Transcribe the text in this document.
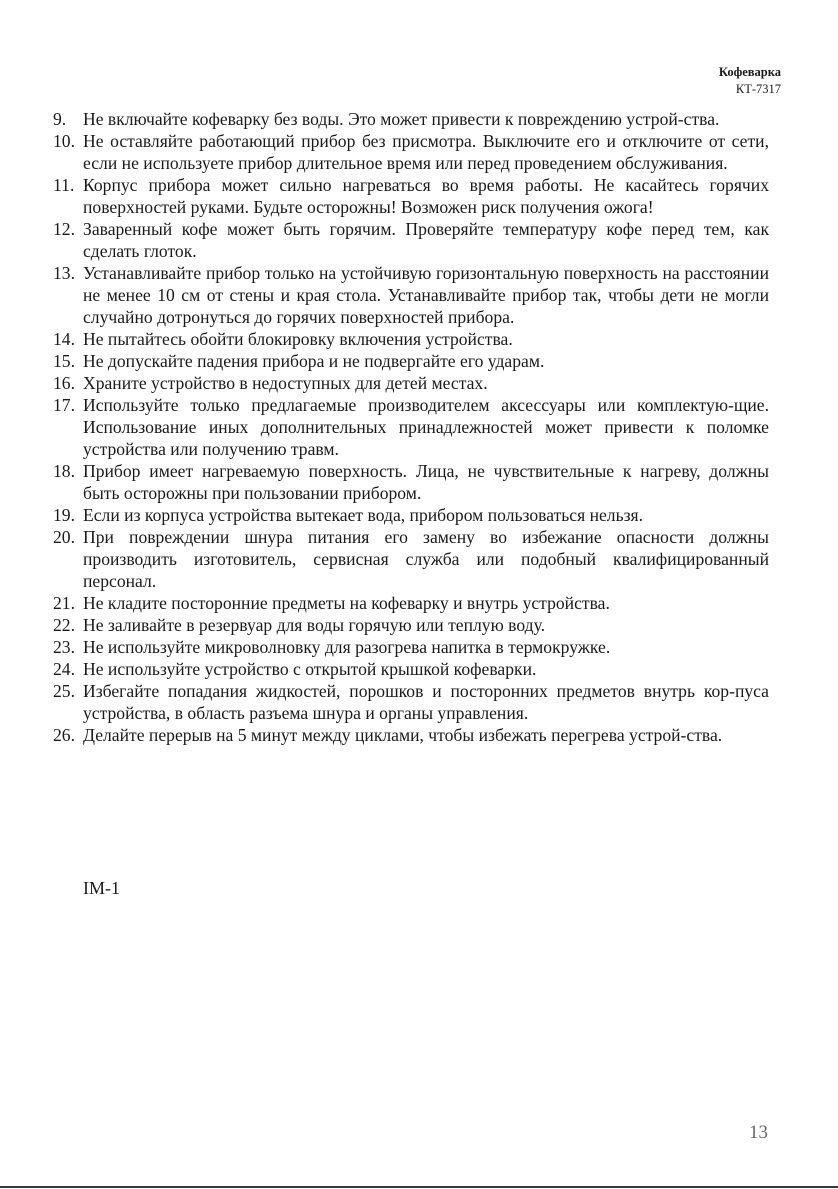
Кофеварка
КТ-7317
9. Не включайте кофеварку без воды. Это может привести к повреждению устрой-ства.
10. Не оставляйте работающий прибор без присмотра. Выключите его и отключите от сети, если не используете прибор длительное время или перед проведением обслуживания.
11. Корпус прибора может сильно нагреваться во время работы. Не касайтесь горячих поверхностей руками. Будьте осторожны! Возможен риск получения ожога!
12. Заваренный кофе может быть горячим. Проверяйте температуру кофе перед тем, как сделать глоток.
13. Устанавливайте прибор только на устойчивую горизонтальную поверхность на расстоянии не менее 10 см от стены и края стола. Устанавливайте прибор так, чтобы дети не могли случайно дотронуться до горячих поверхностей прибора.
14. Не пытайтесь обойти блокировку включения устройства.
15. Не допускайте падения прибора и не подвергайте его ударам.
16. Храните устройство в недоступных для детей местах.
17. Используйте только предлагаемые производителем аксессуары или комплектую-щие. Использование иных дополнительных принадлежностей может привести к поломке устройства или получению травм.
18. Прибор имеет нагреваемую поверхность. Лица, не чувствительные к нагреву, должны быть осторожны при пользовании прибором.
19. Если из корпуса устройства вытекает вода, прибором пользоваться нельзя.
20. При повреждении шнура питания его замену во избежание опасности должны производить изготовитель, сервисная служба или подобный квалифицированный персонал.
21. Не кладите посторонние предметы на кофеварку и внутрь устройства.
22. Не заливайте в резервуар для воды горячую или теплую воду.
23. Не используйте микроволновку для разогрева напитка в термокружке.
24. Не используйте устройство с открытой крышкой кофеварки.
25. Избегайте попадания жидкостей, порошков и посторонних предметов внутрь кор-пуса устройства, в область разъема шнура и органы управления.
26. Делайте перерыв на 5 минут между циклами, чтобы избежать перегрева устрой-ства.
IM-1
13
